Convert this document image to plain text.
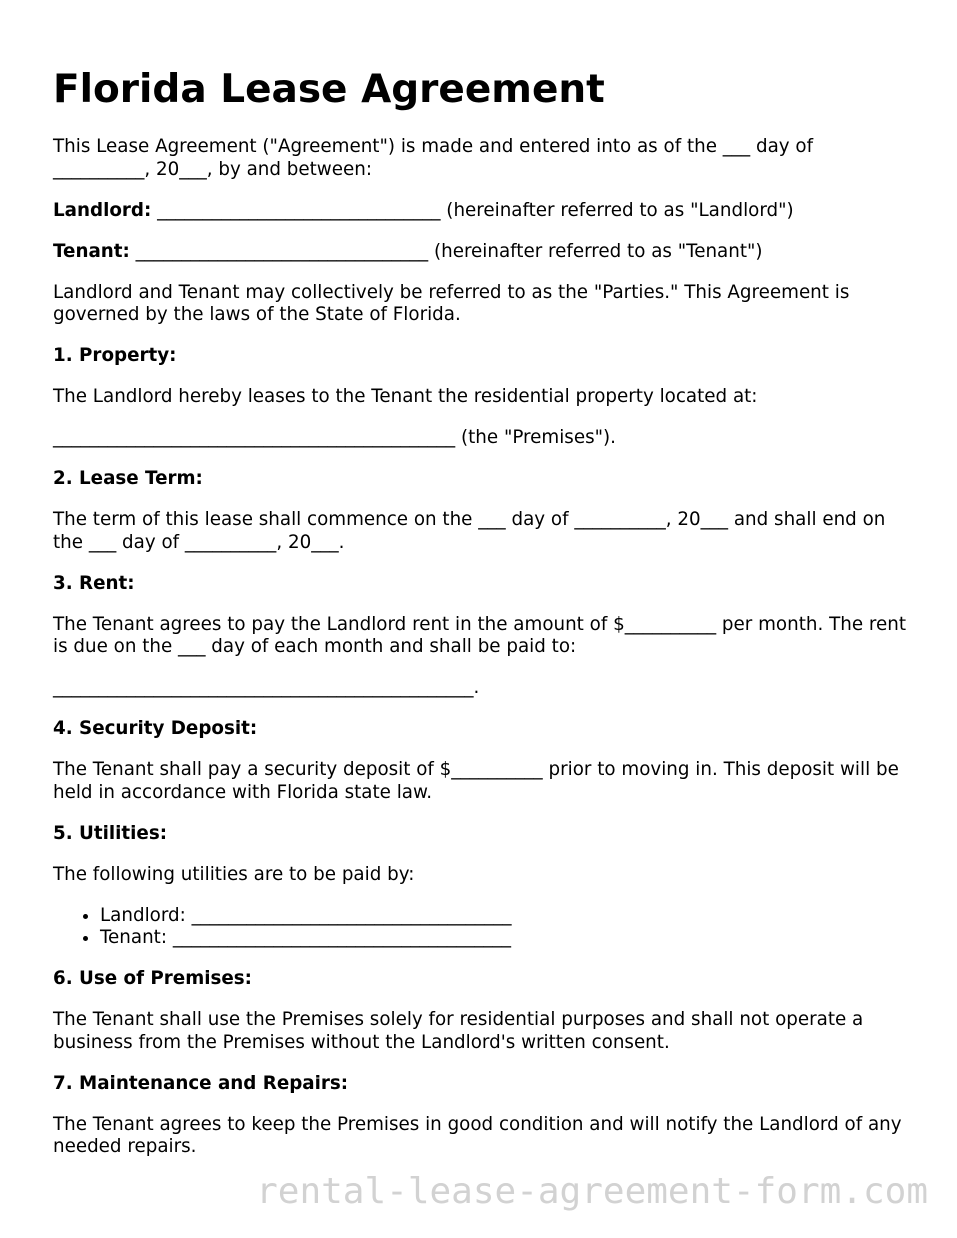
Florida Lease Agreement

This Lease Agreement ("Agreement") is made and entered into as of the ___ day of __________, 20___, by and between:

Landlord: _______________________________ (hereinafter referred to as "Landlord")

Tenant: ________________________________ (hereinafter referred to as "Tenant")

Landlord and Tenant may collectively be referred to as the "Parties." This Agreement is governed by the laws of the State of Florida.

1. Property:

The Landlord hereby leases to the Tenant the residential property located at:

____________________________________________ (the "Premises").

2. Lease Term:

The term of this lease shall commence on the ___ day of __________, 20___ and shall end on the ___ day of __________, 20___.

3. Rent:

The Tenant agrees to pay the Landlord rent in the amount of $__________ per month. The rent is due on the ___ day of each month and shall be paid to:

______________________________________________.

4. Security Deposit:

The Tenant shall pay a security deposit of $__________ prior to moving in. This deposit will be held in accordance with Florida state law.

5. Utilities:

The following utilities are to be paid by:

• Landlord: ___________________________________
• Tenant: _____________________________________

6. Use of Premises:

The Tenant shall use the Premises solely for residential purposes and shall not operate a business from the Premises without the Landlord's written consent.

7. Maintenance and Repairs:

The Tenant agrees to keep the Premises in good condition and will notify the Landlord of any needed repairs.

rental-lease-agreement-form.com
